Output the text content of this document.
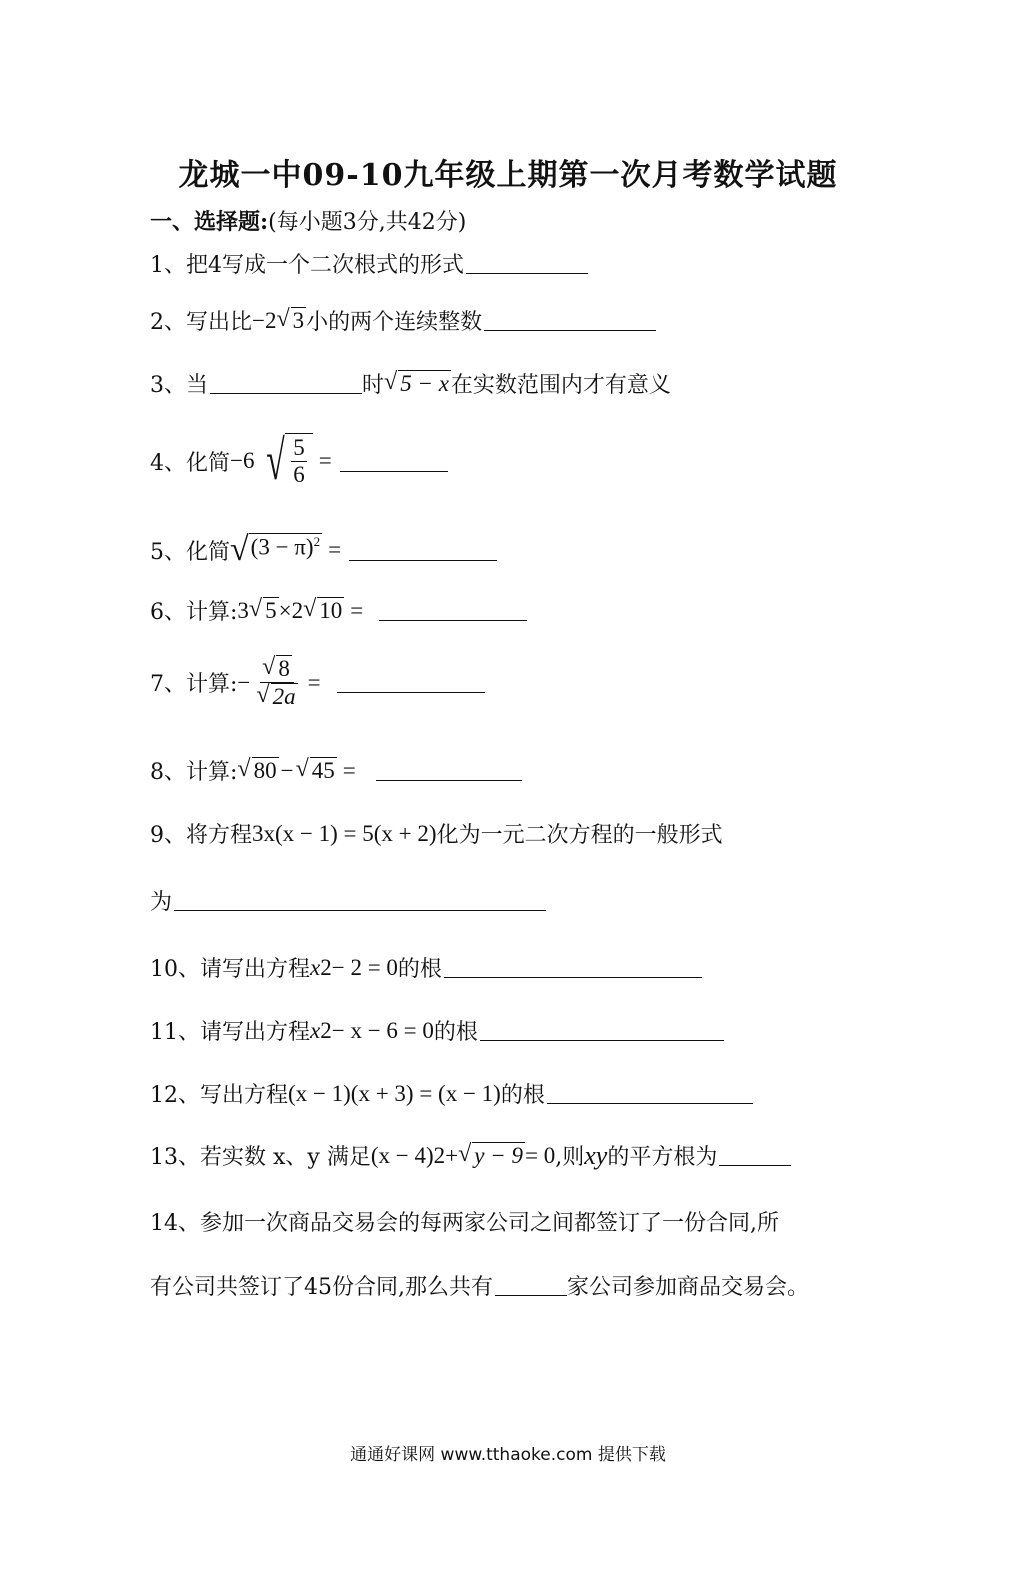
龙城一中09-10九年级上期第一次月考数学试题
一、选择题: (每小题3分,共42分)
1、把4写成一个二次根式的形式
2、写出比 −2 √ 3 小的两个连续整数
3、当	时 √ 5 − x 在实数范围内才有意义
4、化简 −6 √ $\frac{5}{6}$ =
5、化简 √ $(3 - \pi)^2$ =
6、计算: 3 √ 5 ×2 √ 10 =
7、计算: − $\frac{√ 8}{√ 2a}$ =
8、计算: √ 80 − √ 45 =
9、将方程 3x(x − 1) = 5(x + 2) 化为一元二次方程的一般形式
为
10、请写出方程 x 2 − 2 = 0 的根
11、请写出方程 x 2 − x − 6 = 0 的根
12、写出方程 (x − 1)(x + 3) = (x − 1) 的根
13、若实数 x、y 满足 (x − 4) 2 + √ y − 9 = 0 ,则 xy 的平方根为
14、参加一次商品交易会的每两家公司之间都签订了一份合同,所
有公司共签订了45份合同,那么共有	家公司参加商品交易会。
通通好课网 www.tthaoke.com 提供下载
